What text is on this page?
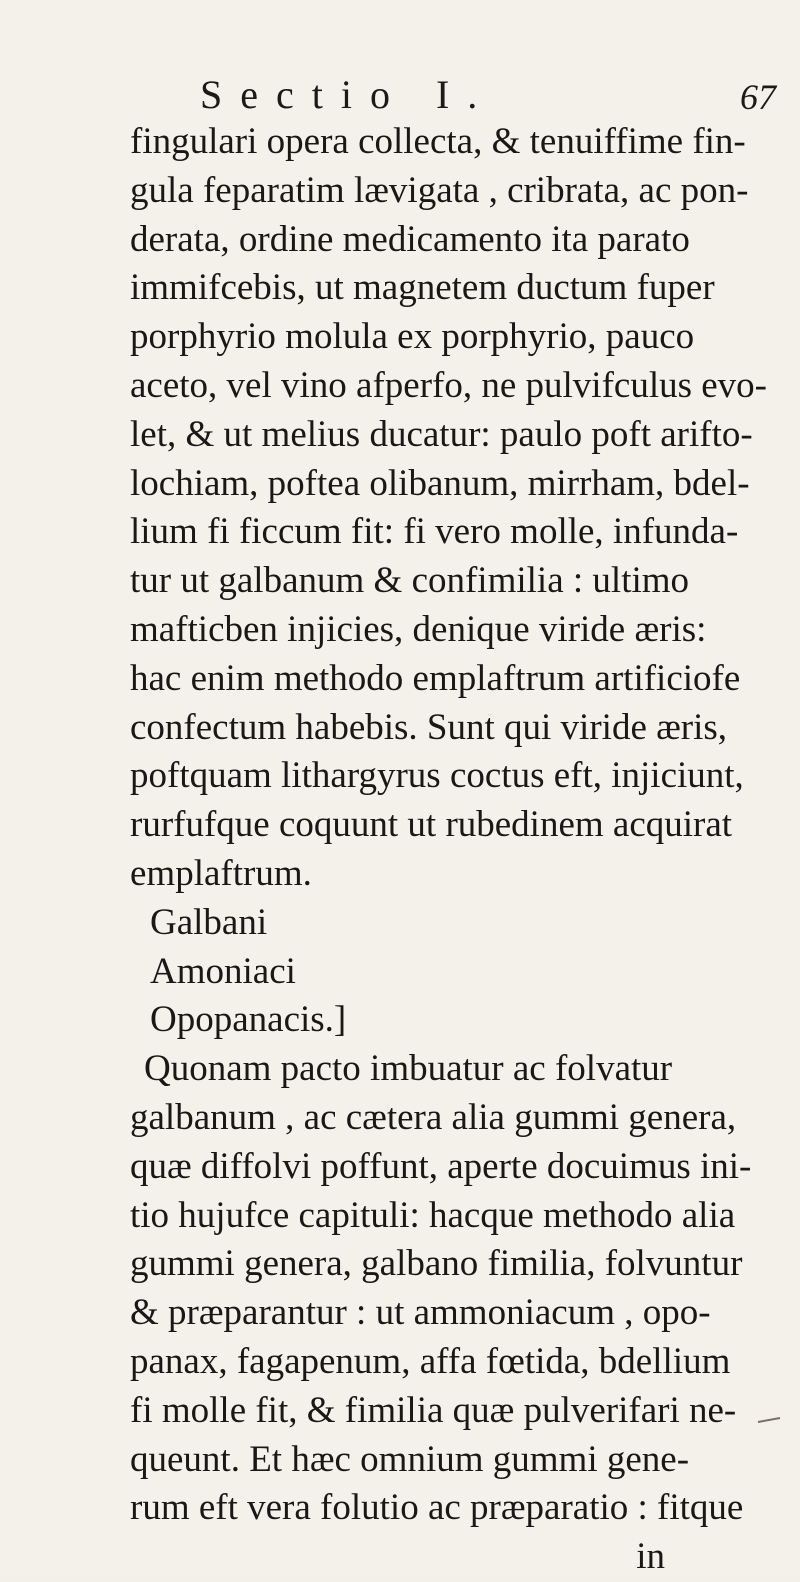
Sectio I.	67
fingulari opera collecta, & tenuiffime fin-
gula feparatim lævigata , cribrata, ac pon-
derata, ordine medicamento ita parato
immifcebis, ut magnetem ductum fuper
porphyrio molula ex porphyrio, pauco
aceto, vel vino afperfo, ne pulvifculus evo-
let, & ut melius ducatur: paulo poft arifto-
lochiam, poftea olibanum, mirrham, bdel-
lium fi ficcum fit: fi vero molle, infunda-
tur ut galbanum & confimilia : ultimo
mafticben injicies, denique viride æris:
hac enim methodo emplaftrum artificiofe
confectum habebis. Sunt qui viride æris,
poftquam lithargyrus coctus eft, injiciunt,
rurfufque coquunt ut rubedinem acquirat
emplaftrum.
Galbani
Amoniaci
Opopanacis.]
Quonam pacto imbuatur ac folvatur
galbanum , ac cætera alia gummi genera,
quæ diffolvi poffunt, aperte docuimus ini-
tio hujufce capituli: hacque methodo alia
gummi genera, galbano fimilia, folvuntur
& præparantur : ut ammoniacum , opo-
panax, fagapenum, affa fœtida, bdellium
fi molle fit, & fimilia quæ pulverifari ne-
queunt. Et hæc omnium gummi gene-
rum eft vera folutio ac præparatio : fitque
in
